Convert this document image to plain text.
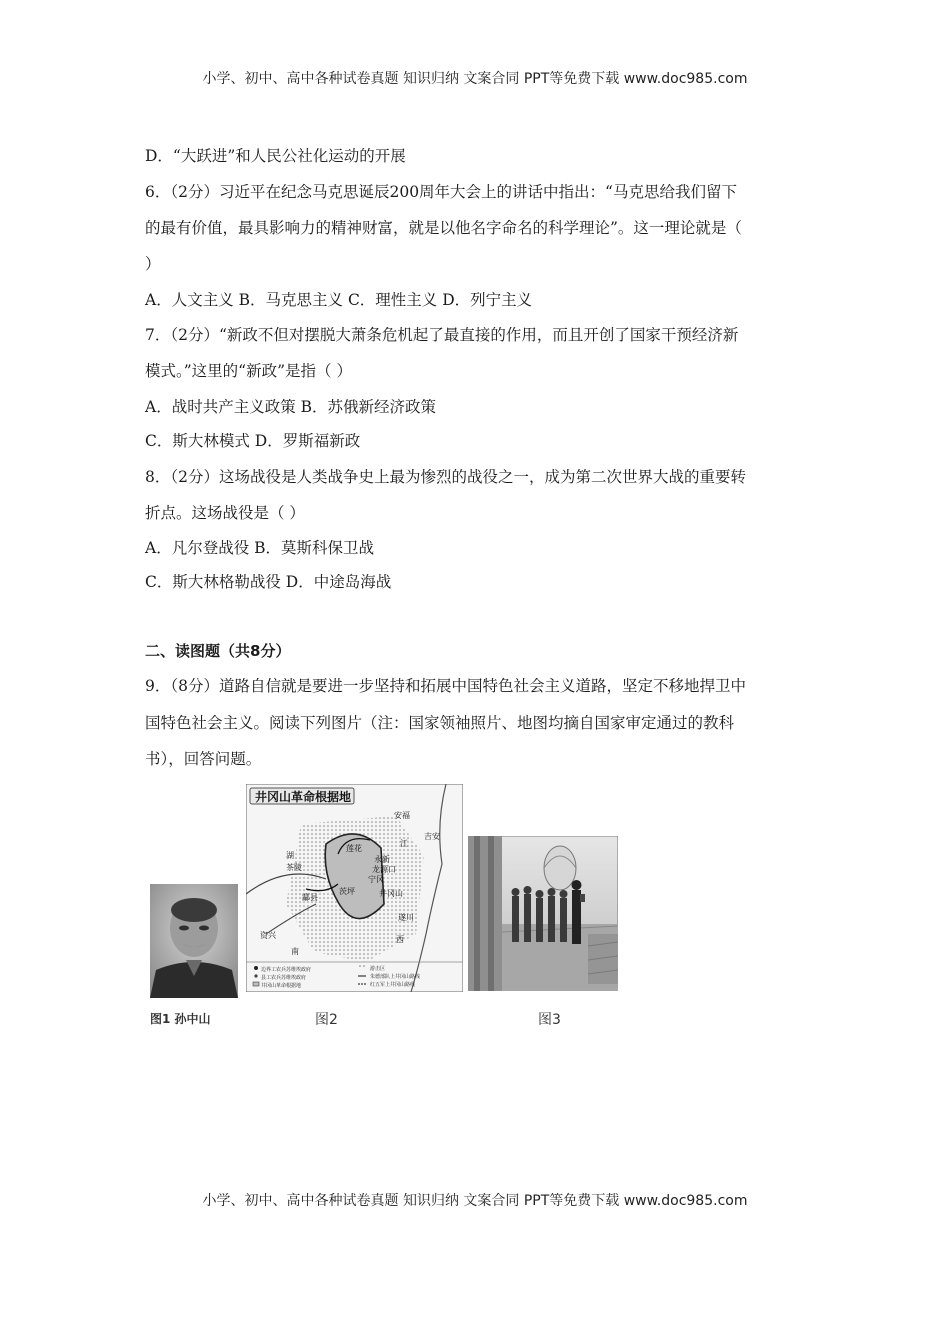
小学、初中、高中各种试卷真题 知识归纳 文案合同 PPT等免费下载 www.doc985.com
D．“大跃进”和人民公社化运动的开展
6．（2分）习近平在纪念马克思诞辰200周年大会上的讲话中指出：“马克思给我们留下
的最有价值，最具影响力的精神财富，就是以他名字命名的科学理论”。这一理论就是（
）
A．人文主义 B．马克思主义 C．理性主义 D．列宁主义
7．（2分）“新政不但对摆脱大萧条危机起了最直接的作用，而且开创了国家干预经济新
模式。”这里的“新政”是指（ ）
A．战时共产主义政策 B．苏俄新经济政策
C．斯大林模式 D．罗斯福新政
8．（2分）这场战役是人类战争史上最为惨烈的战役之一，成为第二次世界大战的重要转
折点。这场战役是（ ）
A．凡尔登战役 B．莫斯科保卫战
C．斯大林格勒战役 D．中途岛海战
二、读图题（共8分）
9．（8分）道路自信就是要进一步坚持和拓展中国特色社会主义道路，坚定不移地捍卫中
国特色社会主义。阅读下列图片（注：国家领袖照片、地图均摘自国家审定通过的教科
书），回答问题。
图1 孙中山
井冈山革命根据地
安福
吉安
江
莲花
永新
茶陵
酃县
宁冈
茨坪	井冈山
遂川
资兴
湖
南
西
龙源口
边界工农兵苏维埃政府
县工农兵苏维埃政府
井冈山革命根据地
游击区
朱德部队上井冈山路线
红五军上井冈山路线
图2	图3
小学、初中、高中各种试卷真题 知识归纳 文案合同 PPT等免费下载 www.doc985.com
